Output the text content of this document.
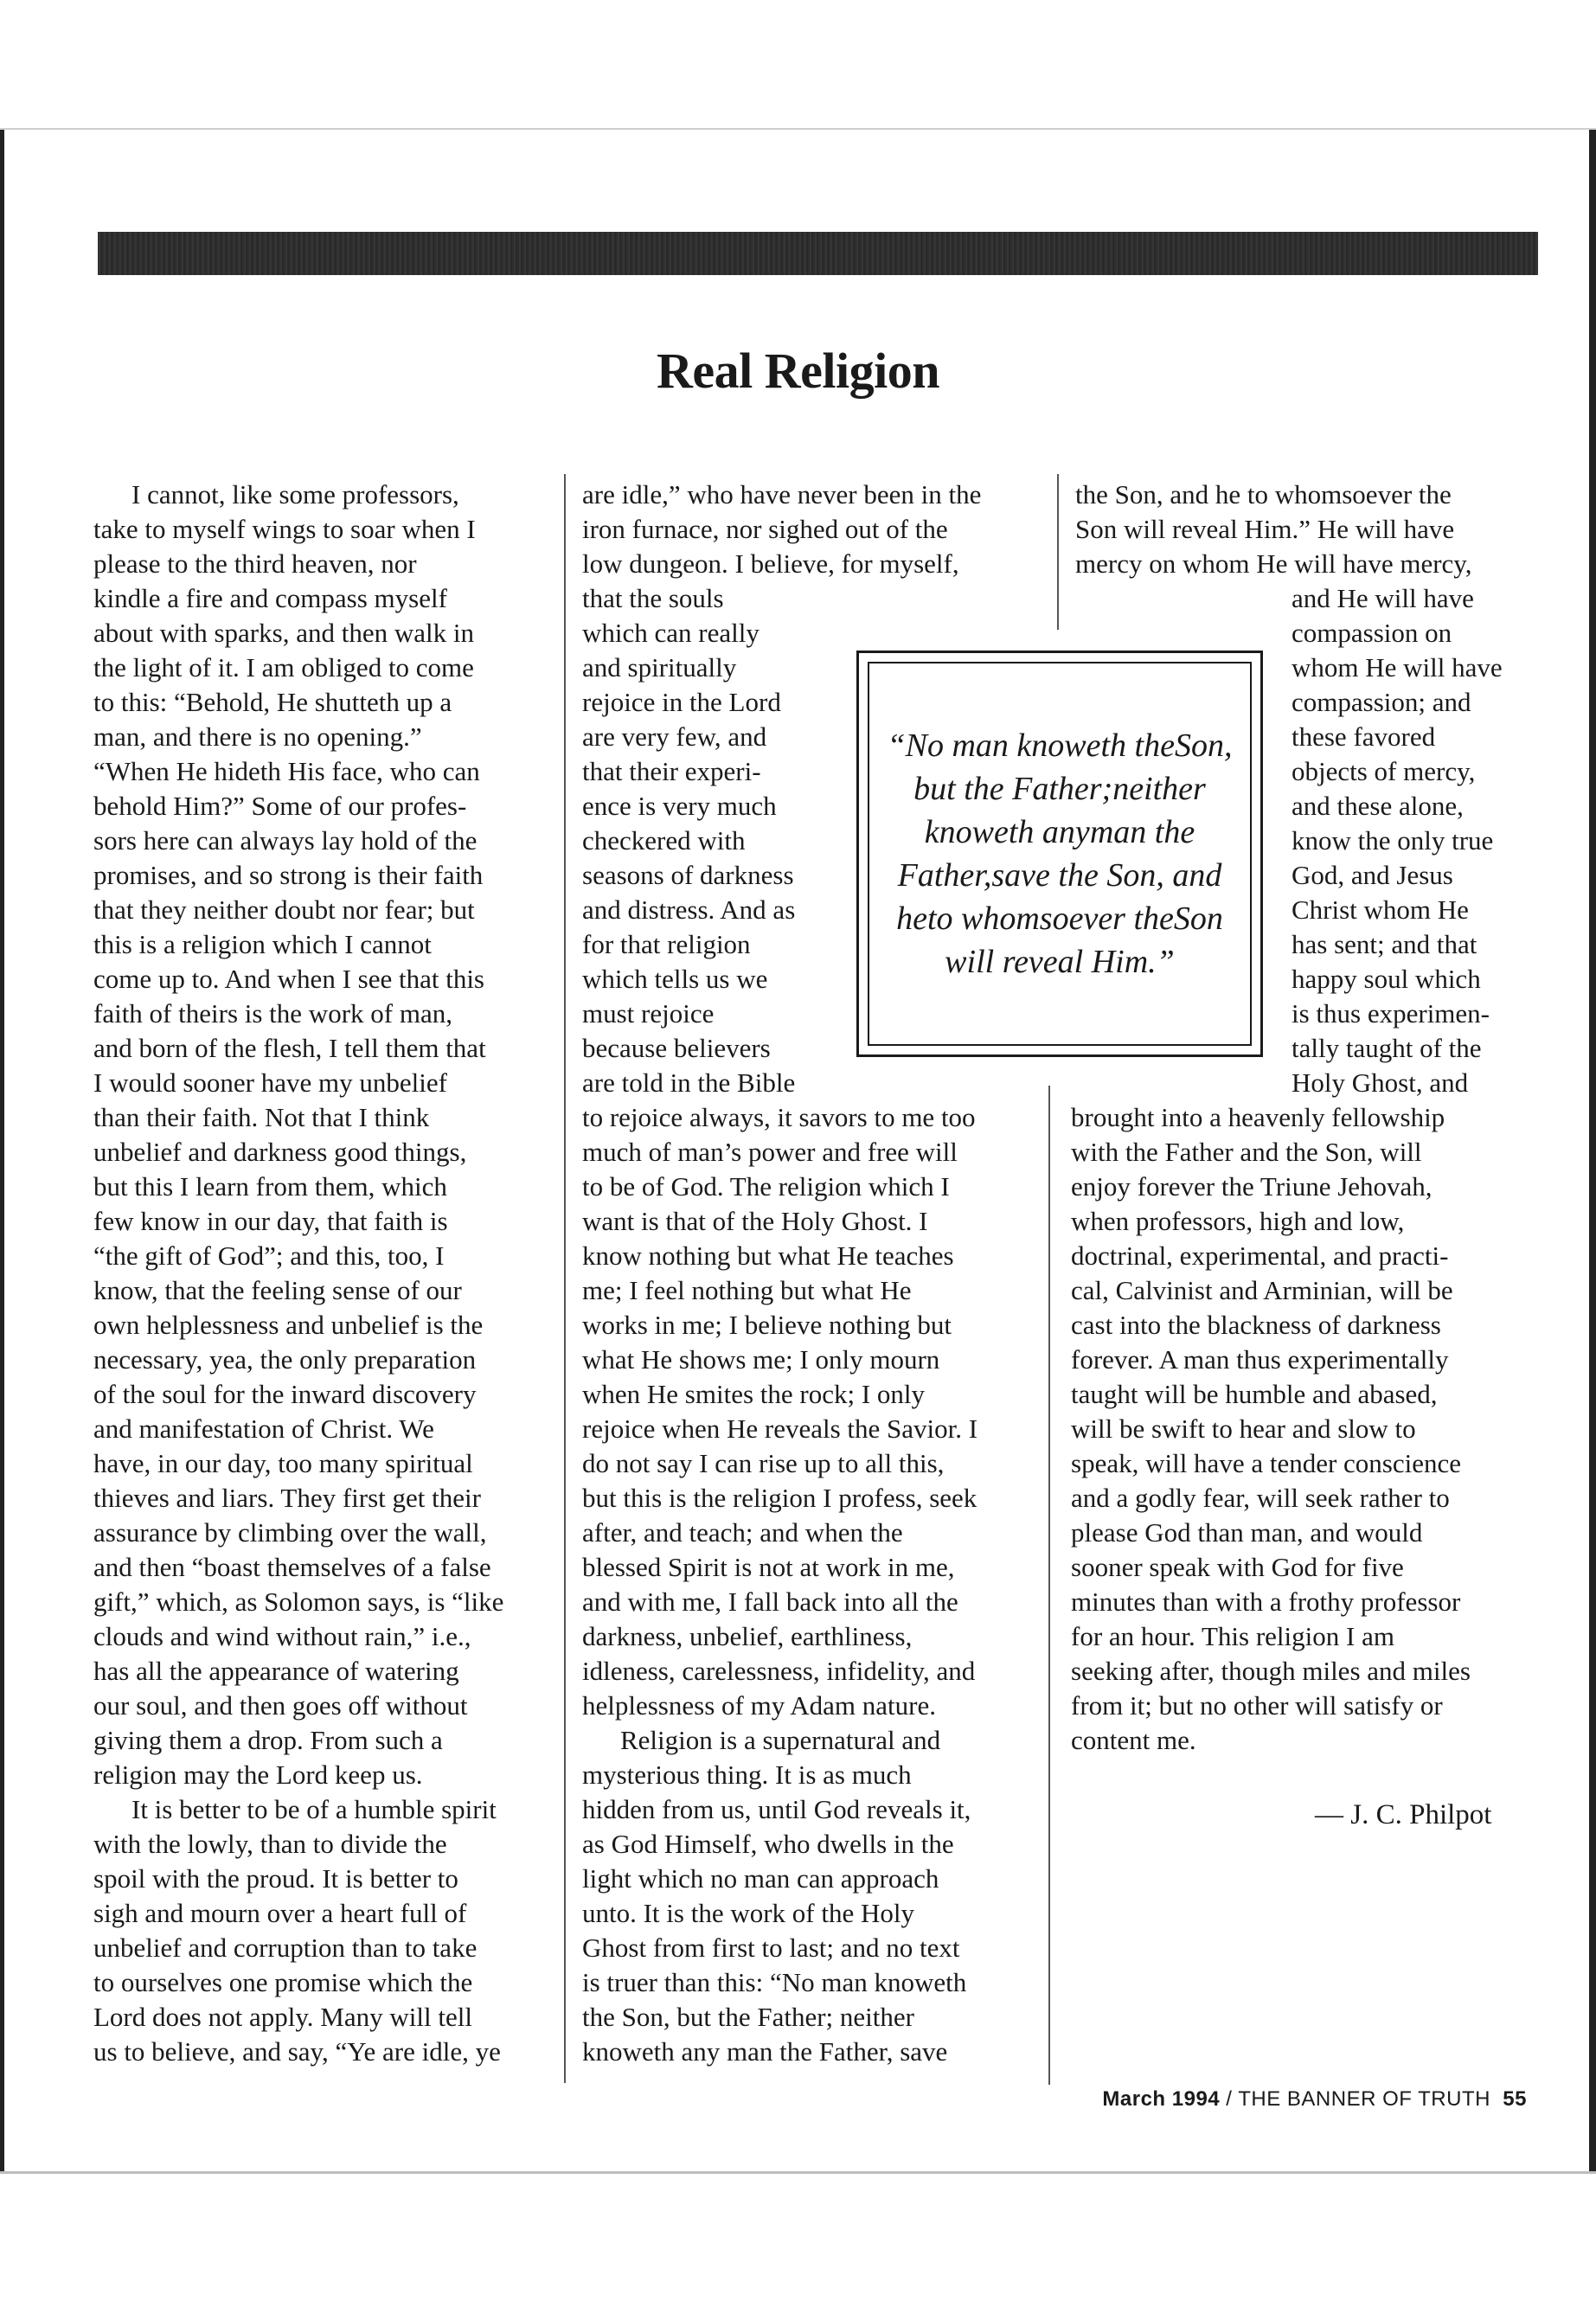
Real Religion
I cannot, like some professors,
take to myself wings to soar when I
please to the third heaven, nor
kindle a fire and compass myself
about with sparks, and then walk in
the light of it. I am obliged to come
to this: “Behold, He shutteth up a
man, and there is no opening.”
“When He hideth His face, who can
behold Him?” Some of our profes-
sors here can always lay hold of the
promises, and so strong is their faith
that they neither doubt nor fear; but
this is a religion which I cannot
come up to. And when I see that this
faith of theirs is the work of man,
and born of the flesh, I tell them that
I would sooner have my unbelief
than their faith. Not that I think
unbelief and darkness good things,
but this I learn from them, which
few know in our day, that faith is
“the gift of God”; and this, too, I
know, that the feeling sense of our
own helplessness and unbelief is the
necessary, yea, the only preparation
of the soul for the inward discovery
and manifestation of Christ. We
have, in our day, too many spiritual
thieves and liars. They first get their
assurance by climbing over the wall,
and then “boast themselves of a false
gift,” which, as Solomon says, is “like
clouds and wind without rain,” i.e.,
has all the appearance of watering
our soul, and then goes off without
giving them a drop. From such a
religion may the Lord keep us.
It is better to be of a humble spirit
with the lowly, than to divide the
spoil with the proud. It is better to
sigh and mourn over a heart full of
unbelief and corruption than to take
to ourselves one promise which the
Lord does not apply. Many will tell
us to believe, and say, “Ye are idle, ye
are idle,” who have never been in the
iron furnace, nor sighed out of the
low dungeon. I believe, for myself,
that the souls
which can really
and spiritually
rejoice in the Lord
are very few, and
that their experi-
ence is very much
checkered with
seasons of darkness
and distress. And as
for that religion
which tells us we
must rejoice
because believers
are told in the Bible
to rejoice always, it savors to me too
much of man’s power and free will
to be of God. The religion which I
want is that of the Holy Ghost. I
know nothing but what He teaches
me; I feel nothing but what He
works in me; I believe nothing but
what He shows me; I only mourn
when He smites the rock; I only
rejoice when He reveals the Savior. I
do not say I can rise up to all this,
but this is the religion I profess, seek
after, and teach; and when the
blessed Spirit is not at work in me,
and with me, I fall back into all the
darkness, unbelief, earthliness,
idleness, carelessness, infidelity, and
helplessness of my Adam nature.
Religion is a supernatural and
mysterious thing. It is as much
hidden from us, until God reveals it,
as God Himself, who dwells in the
light which no man can approach
unto. It is the work of the Holy
Ghost from first to last; and no text
is truer than this: “No man knoweth
the Son, but the Father; neither
knoweth any man the Father, save
the Son, and he to whomsoever the
Son will reveal Him.” He will have
mercy on whom He will have mercy,
and He will have
compassion on
whom He will have
compassion; and
these favored
objects of mercy,
and these alone,
know the only true
God, and Jesus
Christ whom He
has sent; and that
happy soul which
is thus experimen-
tally taught of the
Holy Ghost, and
brought into a heavenly fellowship
with the Father and the Son, will
enjoy forever the Triune Jehovah,
when professors, high and low,
doctrinal, experimental, and practi-
cal, Calvinist and Arminian, will be
cast into the blackness of darkness
forever. A man thus experimentally
taught will be humble and abased,
will be swift to hear and slow to
speak, will have a tender conscience
and a godly fear, will seek rather to
please God than man, and would
sooner speak with God for five
minutes than with a frothy professor
for an hour. This religion I am
seeking after, though miles and miles
from it; but no other will satisfy or
content me.
“No man knoweth theSon, but the Father;neither knoweth anyman the Father,save the Son, and heto whomsoever theSon will reveal Him.”
— J. C. Philpot
March 1994 / THE BANNER OF TRUTH 55
